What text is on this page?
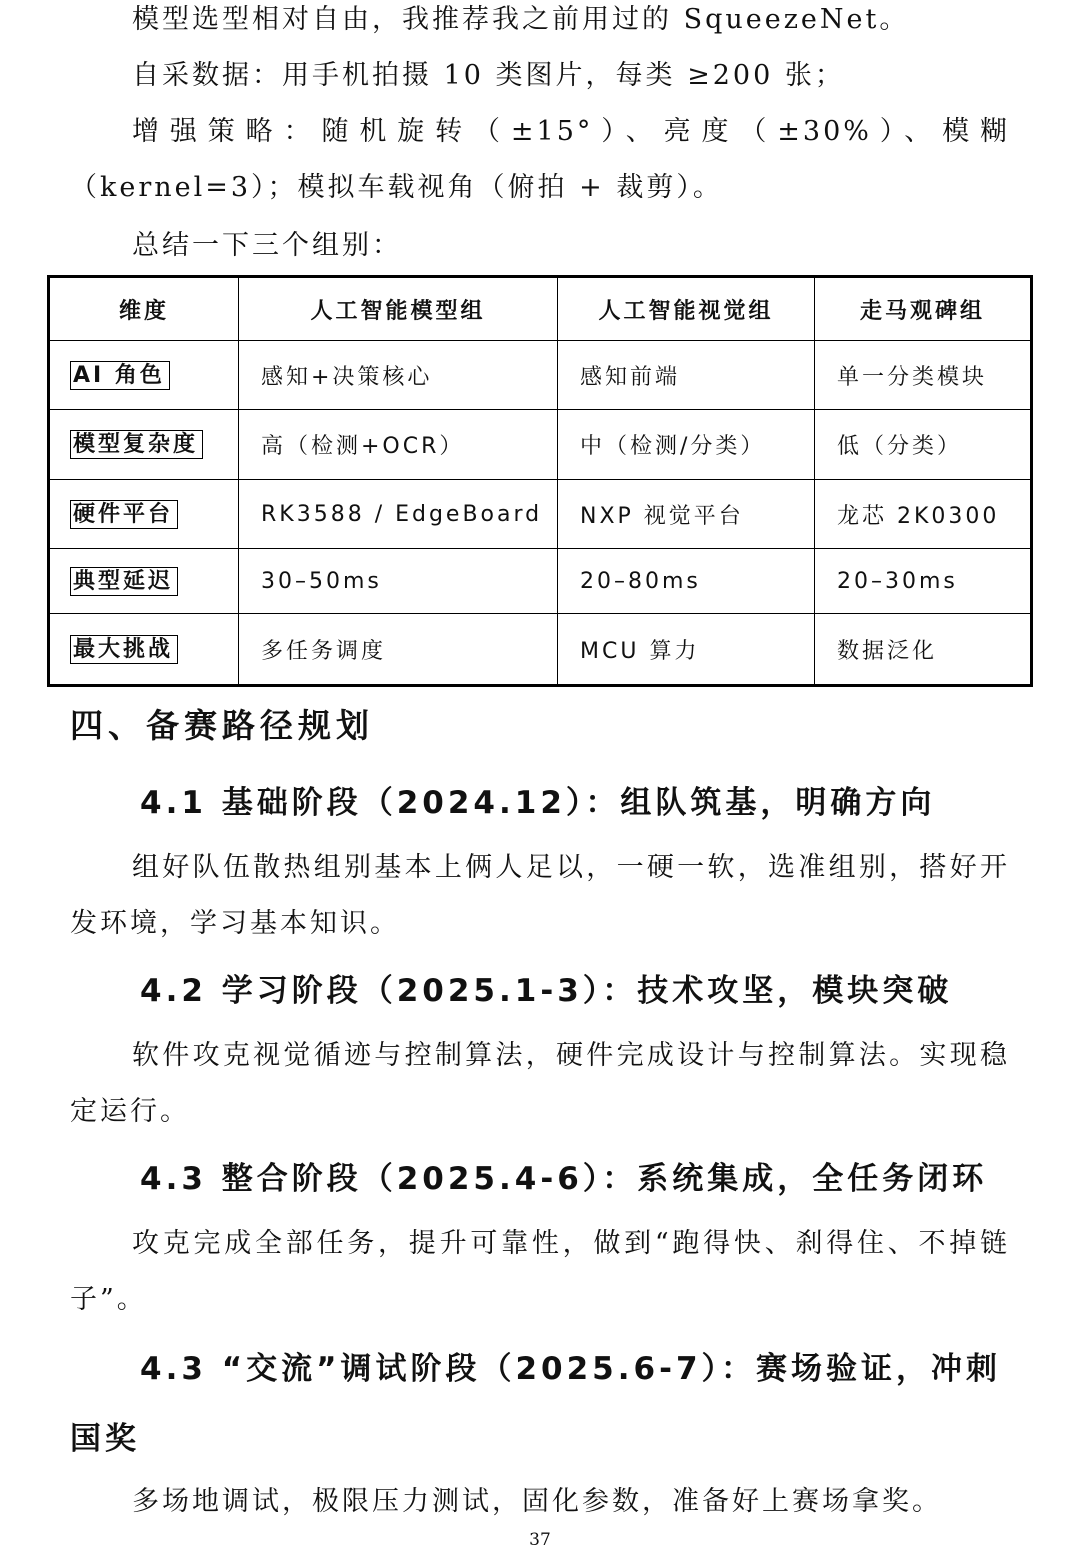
模型选型相对自由，我推荐我之前用过的 SqueezeNet。

自采数据：用手机拍摄 10 类图片，每类 ≥200 张；

增强策略：随机旋转（±15°）、亮度（±30%）、模糊（kernel=3）；模拟车载视角（俯拍 + 裁剪）。

总结一下三个组别：

维度	人工智能模型组	人工智能视觉组	走马观碑组
AI 角色	感知+决策核心	感知前端	单一分类模块
模型复杂度	高（检测+OCR）	中（检测/分类）	低（分类）
硬件平台	RK3588 / EdgeBoard	NXP 视觉平台	龙芯 2K0300
典型延迟	30–50ms	20–80ms	20–30ms
最大挑战	多任务调度	MCU 算力	数据泛化
四、备赛路径规划
4.1 基础阶段（2024.12）：组队筑基，明确方向

组好队伍散热组别基本上俩人足以，一硬一软，选准组别，搭好开发环境，学习基本知识。

4.2 学习阶段（2025.1-3）：技术攻坚，模块突破

软件攻克视觉循迹与控制算法，硬件完成设计与控制算法。实现稳定运行。

4.3 整合阶段（2025.4-6）：系统集成，全任务闭环

攻克完成全部任务，提升可靠性，做到“跑得快、刹得住、不掉链子”。

4.3 “交流”调试阶段（2025.6-7）：赛场验证，冲刺国奖

多场地调试，极限压力测试，固化参数，准备好上赛场拿奖。

37
